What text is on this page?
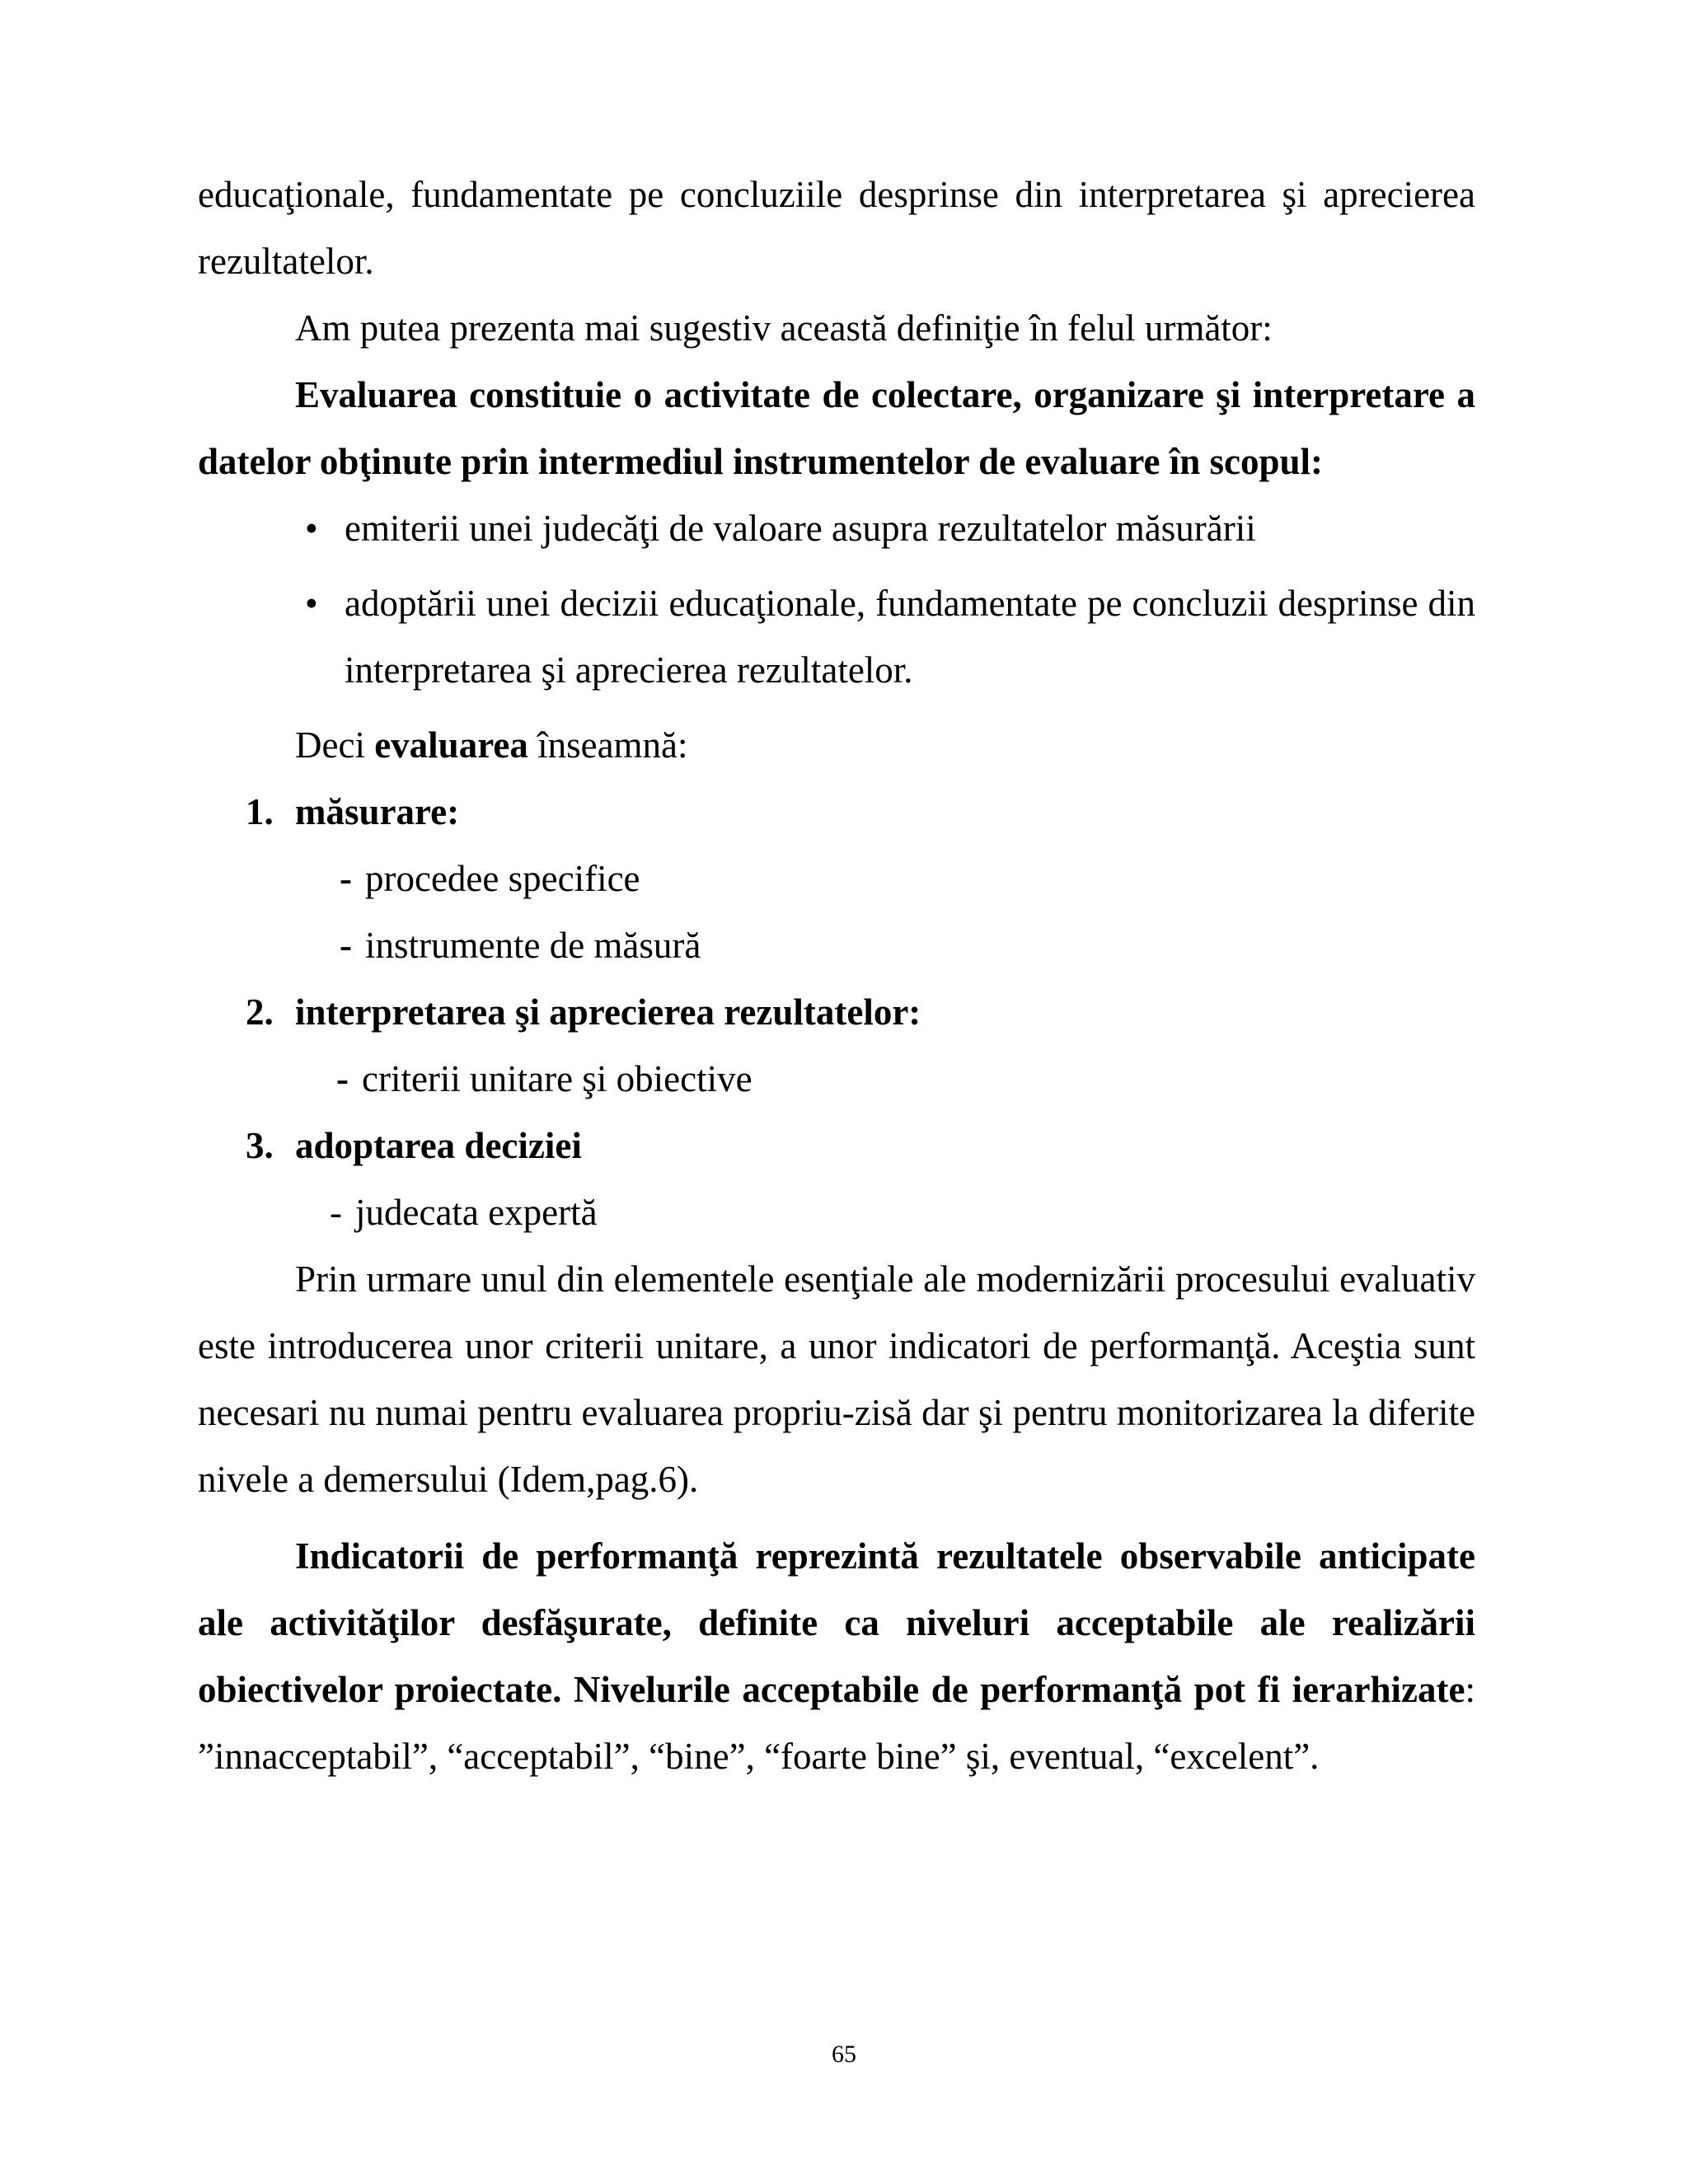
educaţionale, fundamentate pe concluziile desprinse din interpretarea şi aprecierea rezultatelor.

Am putea prezenta mai sugestiv această definiţie în felul următor:

Evaluarea constituie o activitate de colectare, organizare şi interpretare a datelor obţinute prin intermediul instrumentelor de evaluare în scopul:

• emiterii unei judecăţi de valoare asupra rezultatelor măsurării
• adoptării unei decizii educaţionale, fundamentate pe concluzii desprinse din interpretarea şi aprecierea rezultatelor.

Deci evaluarea înseamnă:

1. măsurare:
- procedee specifice
- instrumente de măsură
2. interpretarea şi aprecierea rezultatelor:
- criterii unitare şi obiective
3. adoptarea deciziei
- judecata expertă

Prin urmare unul din elementele esenţiale ale modernizării procesului evaluativ este introducerea unor criterii unitare, a unor indicatori de performanţă. Aceştia sunt necesari nu numai pentru evaluarea propriu-zisă dar şi pentru monitorizarea la diferite nivele a demersului (Idem,pag.6).

Indicatorii de performanţă reprezintă rezultatele observabile anticipate ale activităţilor desfăşurate, definite ca niveluri acceptabile ale realizării obiectivelor proiectate. Nivelurile acceptabile de performanţă pot fi ierarhizate: ”innacceptabil”, “acceptabil”, “bine”, “foarte bine” şi, eventual, “excelent”.

65
